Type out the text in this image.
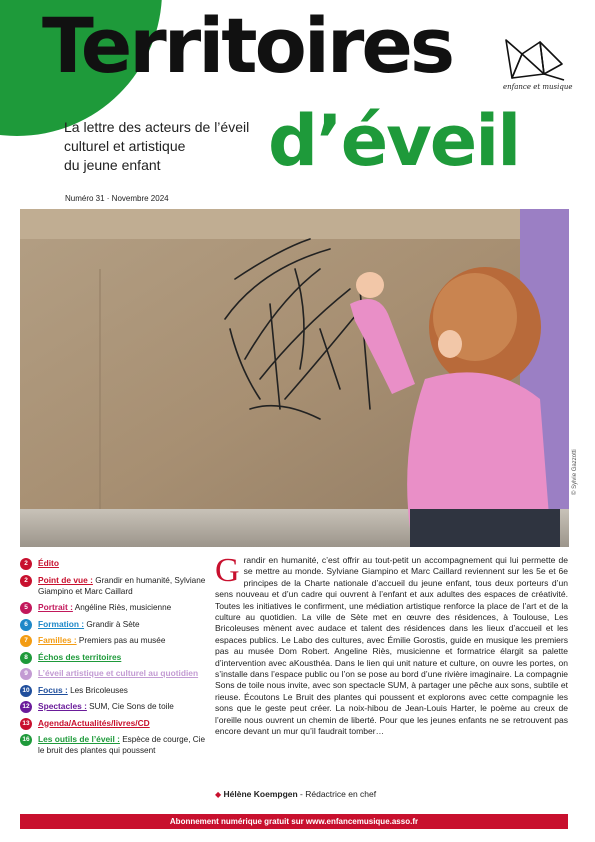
Territoires	enfance et musique
La lettre des acteurs de l’éveil
culturel et artistique
du jeune enfant	d’éveil
Numéro 31 · Novembre 2024
© Sylvie Gazzotti
2	Édito
2	Point de vue : Grandir en humanité, Sylviane Giampino et Marc Caillard
5	Portrait : Angéline Riès, musicienne
6	Formation : Grandir à Sète
7	Familles : Premiers pas au musée
8	Échos des territoires
9	L’éveil artistique et culturel au quotidien
10 Focus : Les Bricoleuses
12 Spectacles : SUM, Cie Sons de toile
13 Agenda/Actualités/livres/CD
16 Les outils de l’éveil : Espèce de courge, Cie le bruit des plantes qui poussent
Grandir en humanité, c’est offrir au tout-petit un accompagnement qui lui permette de se mettre au monde. Sylviane Giampino et Marc Caillard reviennent sur les 5e et 6e principes de la Charte nationale d’accueil du jeune enfant, tous deux porteurs d’un sens nouveau et d’un cadre qui ouvrent à l’enfant et aux adultes des espaces de créativité. Toutes les initiatives le confirment, une médiation artistique renforce la place de l’art et de la culture au quotidien. La ville de Sète met en œuvre des résidences, à Toulouse, Les Bricoleuses mènent avec audace et talent des résidences dans les lieux d’accueil et les espaces publics. Le Labo des cultures, avec Émilie Gorostis, guide en musique les premiers pas au musée Dom Robert. Angeline Riès, musicienne et formatrice élargit sa palette d’intervention avec aKousthéa. Dans le lien qui unit nature et culture, on ouvre les portes, on s’installe dans l’espace public ou l’on se pose au bord d’une rivière imaginaire. La compagnie Sons de toile nous invite, avec son spectacle SUM, à partager une pêche aux sons, subtile et rieuse. Écoutons Le Bruit des plantes qui poussent et explorons avec cette compagnie les sons que le geste peut créer. La noix-hibou de Jean-Louis Harter, le poème au creux de l’oreille nous ouvrent un chemin de liberté. Pour que les jeunes enfants ne se retrouvent pas encore devant un mur qu’il faudrait tomber…
◆ Hélène Koempgen - Rédactrice en chef
Abonnement numérique gratuit sur www.enfancemusique.asso.fr
